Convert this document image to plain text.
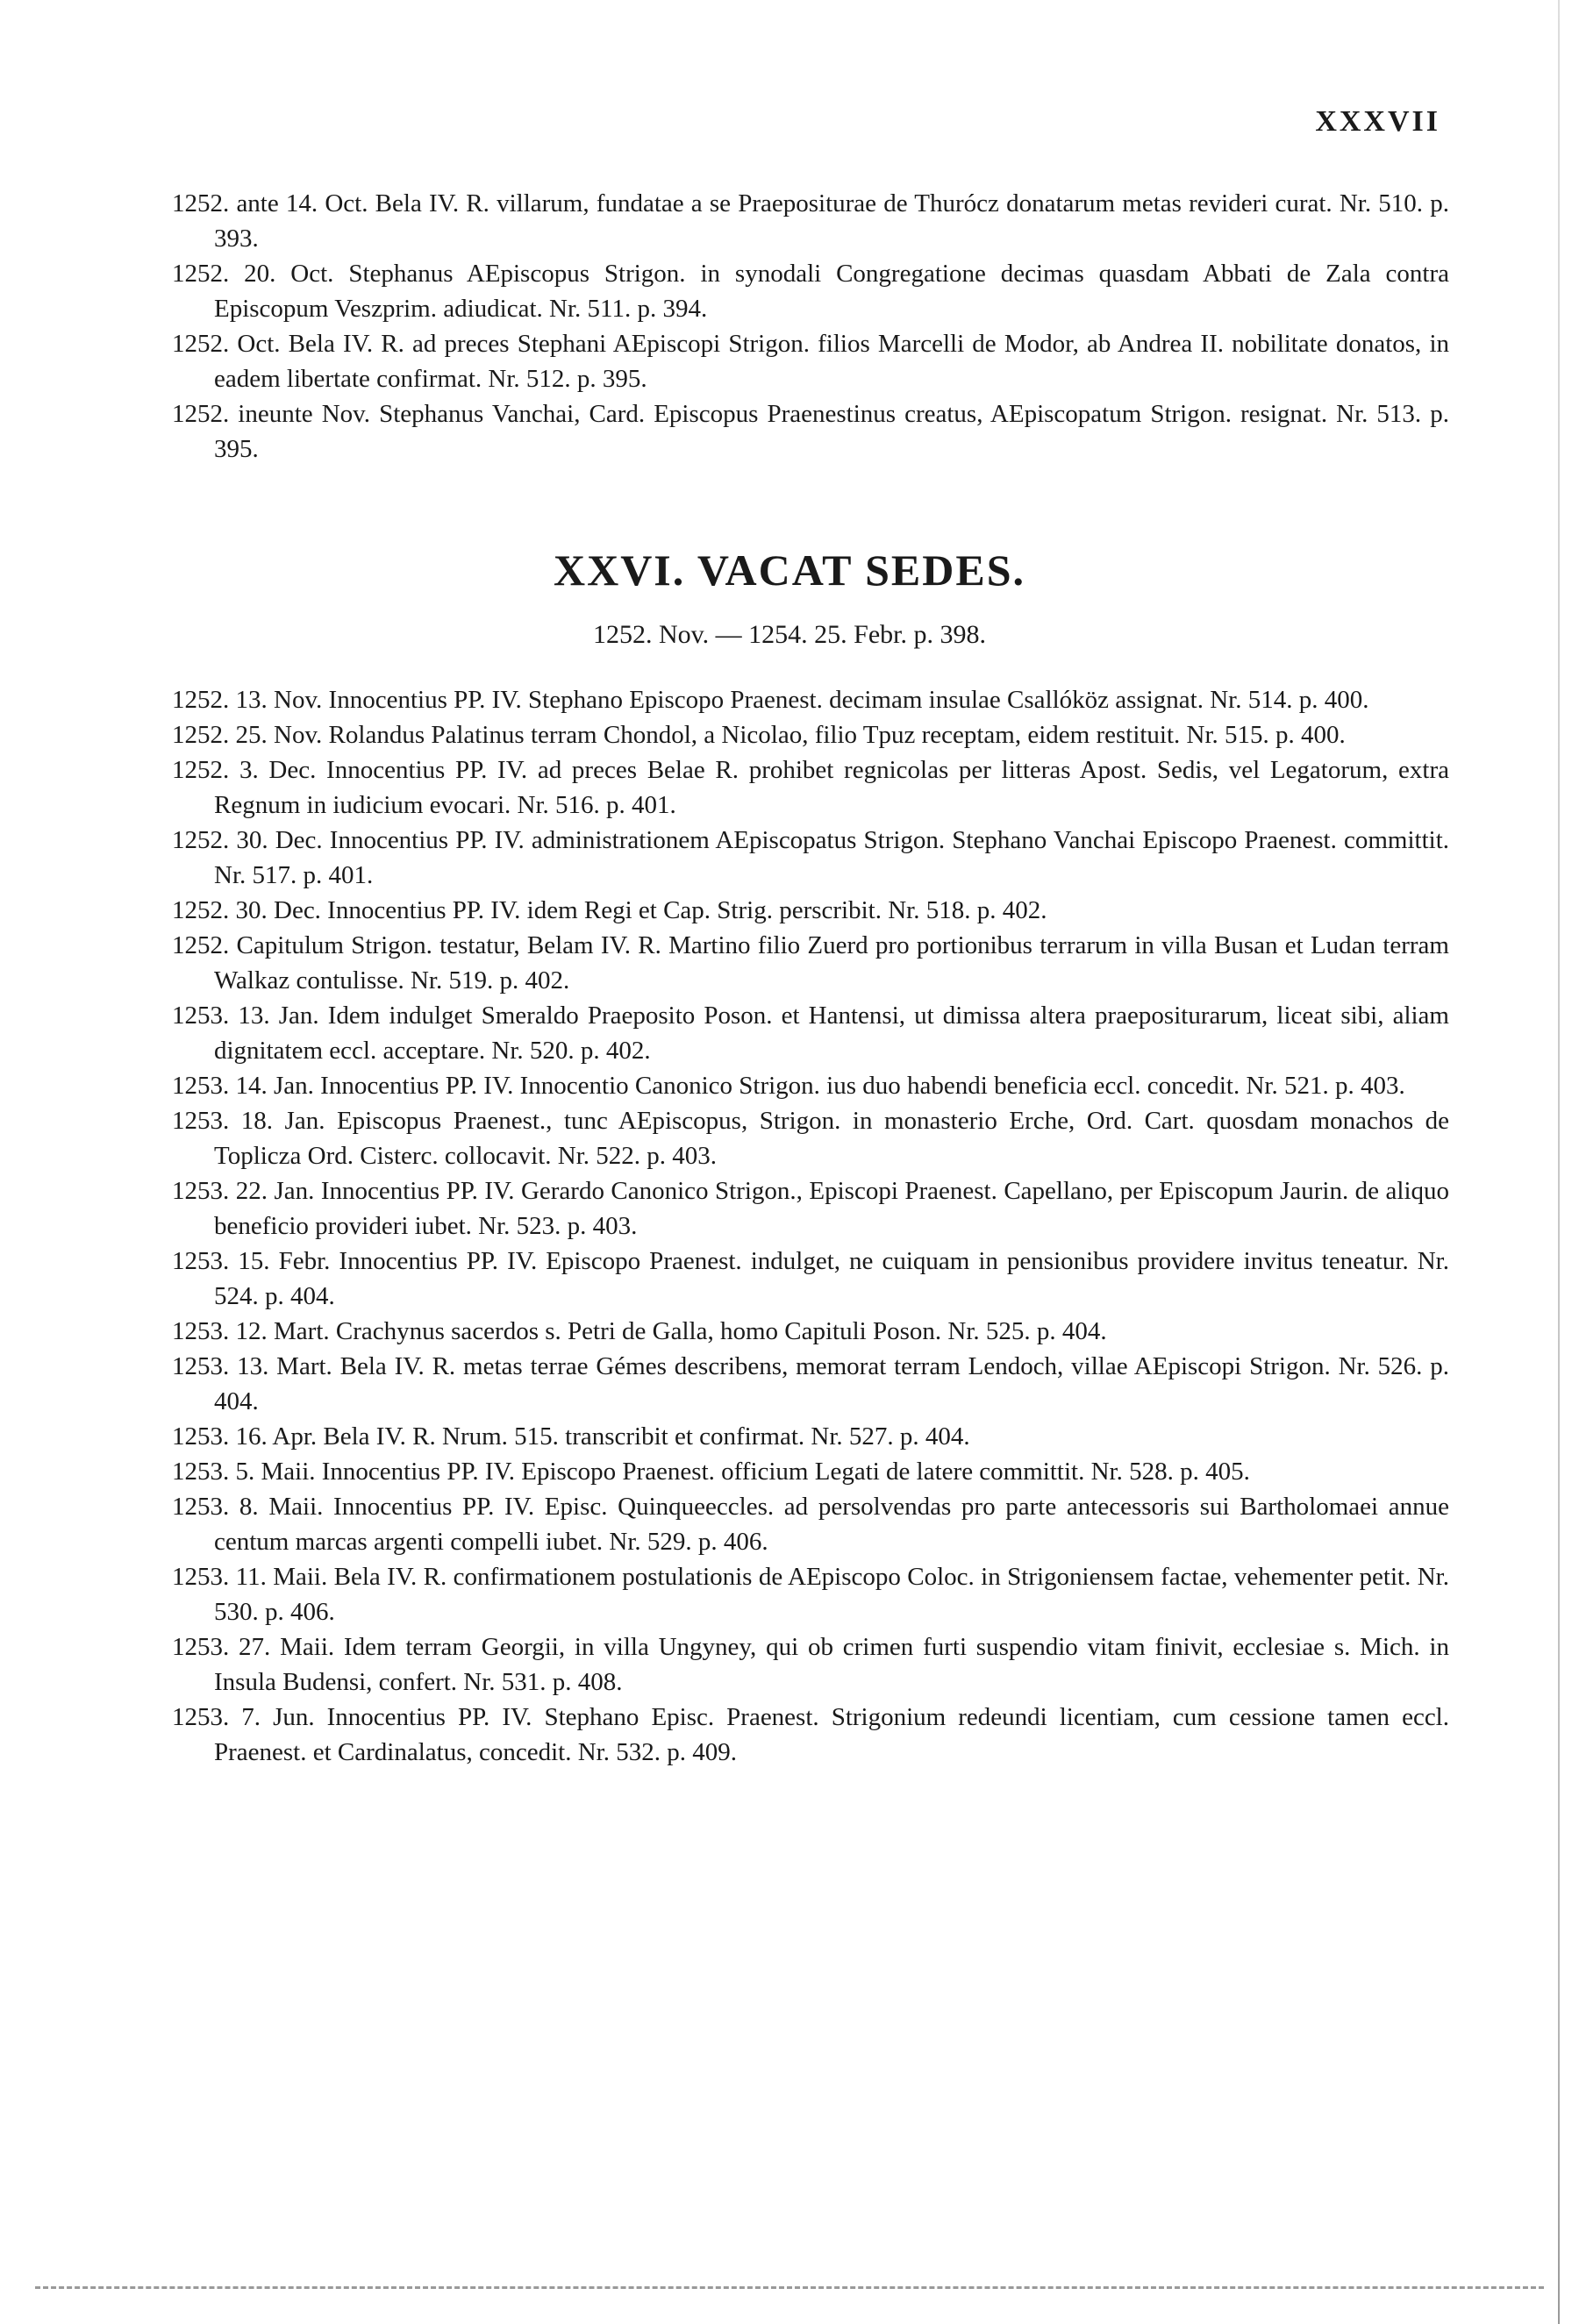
XXXVII

1252. ante 14. Oct. Bela IV. R. villarum, fundatae a se Praepositurae de Thurócz donatarum metas revideri curat. Nr. 510. p. 393.

1252. 20. Oct. Stephanus AEpiscopus Strigon. in synodali Congregatione decimas quasdam Abbati de Zala contra Episcopum Veszprim. adiudicat. Nr. 511. p. 394.

1252. Oct. Bela IV. R. ad preces Stephani AEpiscopi Strigon. filios Marcelli de Modor, ab Andrea II. nobilitate donatos, in eadem libertate confirmat. Nr. 512. p. 395.

1252. ineunte Nov. Stephanus Vanchai, Card. Episcopus Praenestinus creatus, AEpiscopatum Strigon. resignat. Nr. 513. p. 395.

XXVI. VACAT SEDES.
1252. Nov. — 1254. 25. Febr. p. 398.

1252. 13. Nov. Innocentius PP. IV. Stephano Episcopo Praenest. decimam insulae Csallóköz assignat. Nr. 514. p. 400.

1252. 25. Nov. Rolandus Palatinus terram Chondol, a Nicolao, filio Tpuz receptam, eidem restituit. Nr. 515. p. 400.

1252. 3. Dec. Innocentius PP. IV. ad preces Belae R. prohibet regnicolas per litteras Apost. Sedis, vel Legatorum, extra Regnum in iudicium evocari. Nr. 516. p. 401.

1252. 30. Dec. Innocentius PP. IV. administrationem AEpiscopatus Strigon. Stephano Vanchai Episcopo Praenest. committit. Nr. 517. p. 401.

1252. 30. Dec. Innocentius PP. IV. idem Regi et Cap. Strig. perscribit. Nr. 518. p. 402.

1252. Capitulum Strigon. testatur, Belam IV. R. Martino filio Zuerd pro portionibus terrarum in villa Busan et Ludan terram Walkaz contulisse. Nr. 519. p. 402.

1253. 13. Jan. Idem indulget Smeraldo Praeposito Poson. et Hantensi, ut dimissa altera praepositurarum, liceat sibi, aliam dignitatem eccl. acceptare. Nr. 520. p. 402.

1253. 14. Jan. Innocentius PP. IV. Innocentio Canonico Strigon. ius duo habendi beneficia eccl. concedit. Nr. 521. p. 403.

1253. 18. Jan. Episcopus Praenest., tunc AEpiscopus, Strigon. in monasterio Erche, Ord. Cart. quosdam monachos de Toplicza Ord. Cisterc. collocavit. Nr. 522. p. 403.

1253. 22. Jan. Innocentius PP. IV. Gerardo Canonico Strigon., Episcopi Praenest. Capellano, per Episcopum Jaurin. de aliquo beneficio provideri iubet. Nr. 523. p. 403.

1253. 15. Febr. Innocentius PP. IV. Episcopo Praenest. indulget, ne cuiquam in pensionibus providere invitus teneatur. Nr. 524. p. 404.

1253. 12. Mart. Crachynus sacerdos s. Petri de Galla, homo Capituli Poson. Nr. 525. p. 404.

1253. 13. Mart. Bela IV. R. metas terrae Gémes describens, memorat terram Lendoch, villae AEpiscopi Strigon. Nr. 526. p. 404.

1253. 16. Apr. Bela IV. R. Nrum. 515. transcribit et confirmat. Nr. 527. p. 404.

1253. 5. Maii. Innocentius PP. IV. Episcopo Praenest. officium Legati de latere committit. Nr. 528. p. 405.

1253. 8. Maii. Innocentius PP. IV. Episc. Quinqueeccles. ad persolvendas pro parte antecessoris sui Bartholomaei annue centum marcas argenti compelli iubet. Nr. 529. p. 406.

1253. 11. Maii. Bela IV. R. confirmationem postulationis de AEpiscopo Coloc. in Strigoniensem factae, vehementer petit. Nr. 530. p. 406.

1253. 27. Maii. Idem terram Georgii, in villa Ungyney, qui ob crimen furti suspendio vitam finivit, ecclesiae s. Mich. in Insula Budensi, confert. Nr. 531. p. 408.

1253. 7. Jun. Innocentius PP. IV. Stephano Episc. Praenest. Strigonium redeundi licentiam, cum cessione tamen eccl. Praenest. et Cardinalatus, concedit. Nr. 532. p. 409.
